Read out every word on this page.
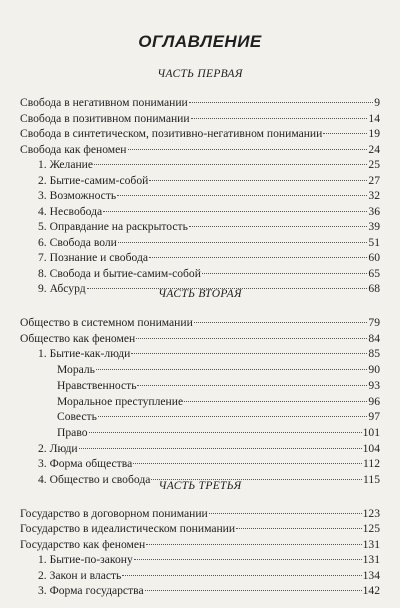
ОГЛАВЛЕНИЕ
ЧАСТЬ ПЕРВАЯ
Свобода в негативном понимании	9
Свобода в позитивном понимании	14
Свобода в синтетическом, позитивно-негативном понимании	19
Свобода как феномен	24
1. Желание	25
2. Бытие-самим-собой	27
3. Возможность	32
4. Несвобода	36
5. Оправдание на раскрытость	39
6. Свобода воли	51
7. Познание и свобода	60
8. Свобода и бытие-самим-собой	65
9. Абсурд	68
ЧАСТЬ ВТОРАЯ
Общество в системном понимании	79
Общество как феномен	84
1. Бытие-как-люди	85
Мораль	90
Нравственность	93
Моральное преступление	96
Совесть	97
Право	101
2. Люди	104
3. Форма общества	112
4. Общество и свобода	115
ЧАСТЬ ТРЕТЬЯ
Государство в договорном понимании	123
Государство в идеалистическом понимании	125
Государство как феномен	131
1. Бытие-по-закону	131
2. Закон и власть	134
3. Форма государства	142
